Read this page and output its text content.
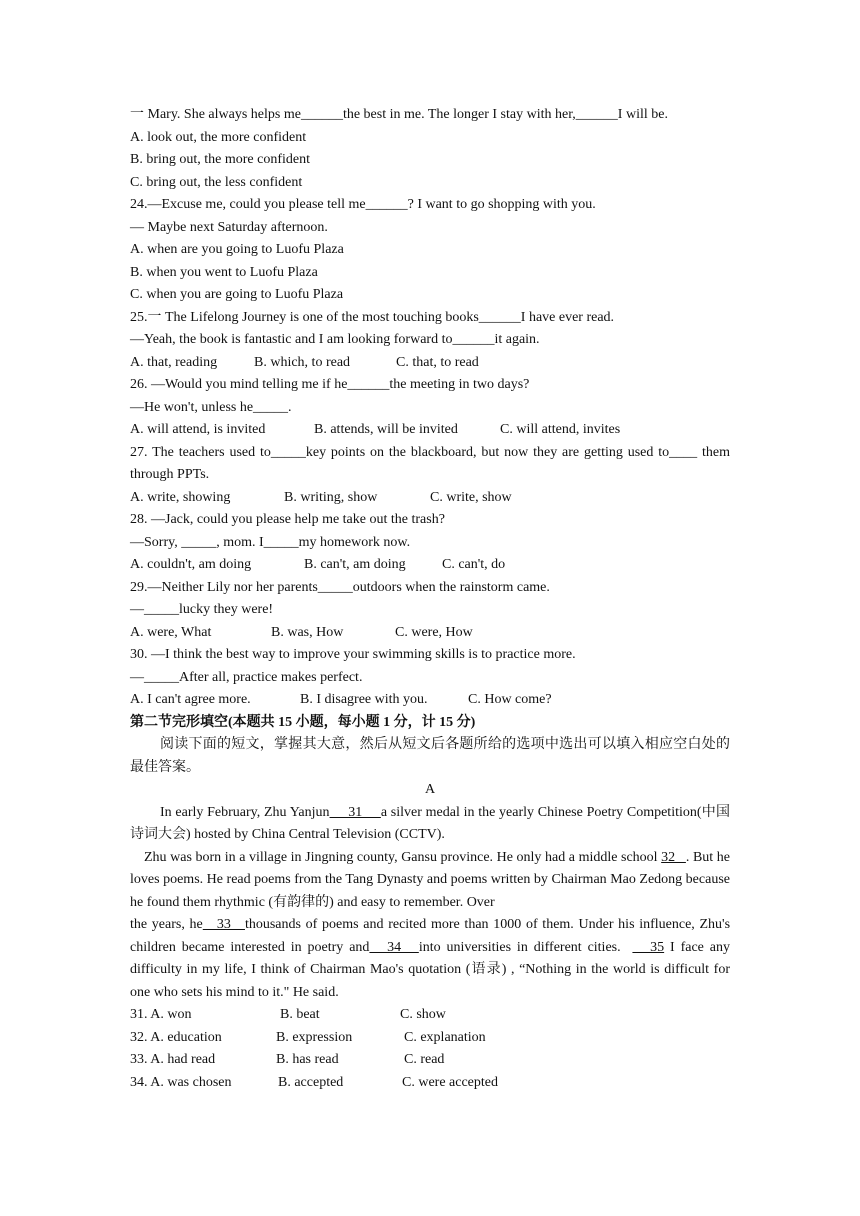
一 Mary. She always helps me______the best in me. The longer I stay with her,______I will be.
A. look out, the more confident
B. bring out, the more confident
C. bring out, the less confident
24.—Excuse me, could you please tell me______? I want to go shopping with you.
— Maybe next Saturday afternoon.
A. when are you going to Luofu Plaza
B. when you went to Luofu Plaza
C. when you are going to Luofu Plaza
25.一 The Lifelong Journey is one of the most touching books______I have ever read.
—Yeah, the book is fantastic and I am looking forward to______it again.
A. that, reading	B. which, to read	C. that, to read
26. —Would you mind telling me if he______the meeting in two days?
—He won't, unless he_____.
A. will attend, is invited	B. attends, will be invited	C. will attend, invites
27. The teachers used to_____key points on the blackboard, but now they are getting used to____ them through PPTs.
A. write, showing	B. writing, show	C. write, show
28. —Jack, could you please help me take out the trash?
—Sorry, _____, mom. I_____my homework now.
A. couldn't, am doing	B. can't, am doing	C. can't, do
29.—Neither Lily nor her parents_____outdoors when the rainstorm came.
—_____lucky they were!
A. were, What	B. was, How	C. were, How
30. —I think the best way to improve your swimming skills is to practice more.
—_____After all, practice makes perfect.
A. I can't agree more.	B. I disagree with you.	C. How come?
第二节完形填空(本题共 15 小题，每小题 1 分，计 15 分)
阅读下面的短文，掌握其大意，然后从短文后各题所给的选项中选出可以填入相应空白处的最佳答案。
A
In early February, Zhu Yanjun     31     a silver medal in the yearly Chinese Poetry Competition(中国诗词大会) hosted by China Central Television (CCTV).
Zhu was born in a village in Jingning county, Gansu province. He only had a middle school 32   . But he loves poems. He read poems from the Tang Dynasty and poems written by Chairman Mao Zedong because he found them rhythmic (有韵律的) and easy to remember. Over
the years, he   33   thousands of poems and recited more than 1000 of them. Under his influence, Zhu's children became interested in poetry and   34   into universities in different cities.     35 I face any difficulty in my life, I think of Chairman Mao's quotation (语录) , “Nothing in the world is difficult for one who sets his mind to it." He said.
31. A. won	B. beat	C. show
32. A. education	B. expression	C. explanation
33. A. had read	B. has read	C. read
34. A. was chosen	B. accepted	C. were accepted
